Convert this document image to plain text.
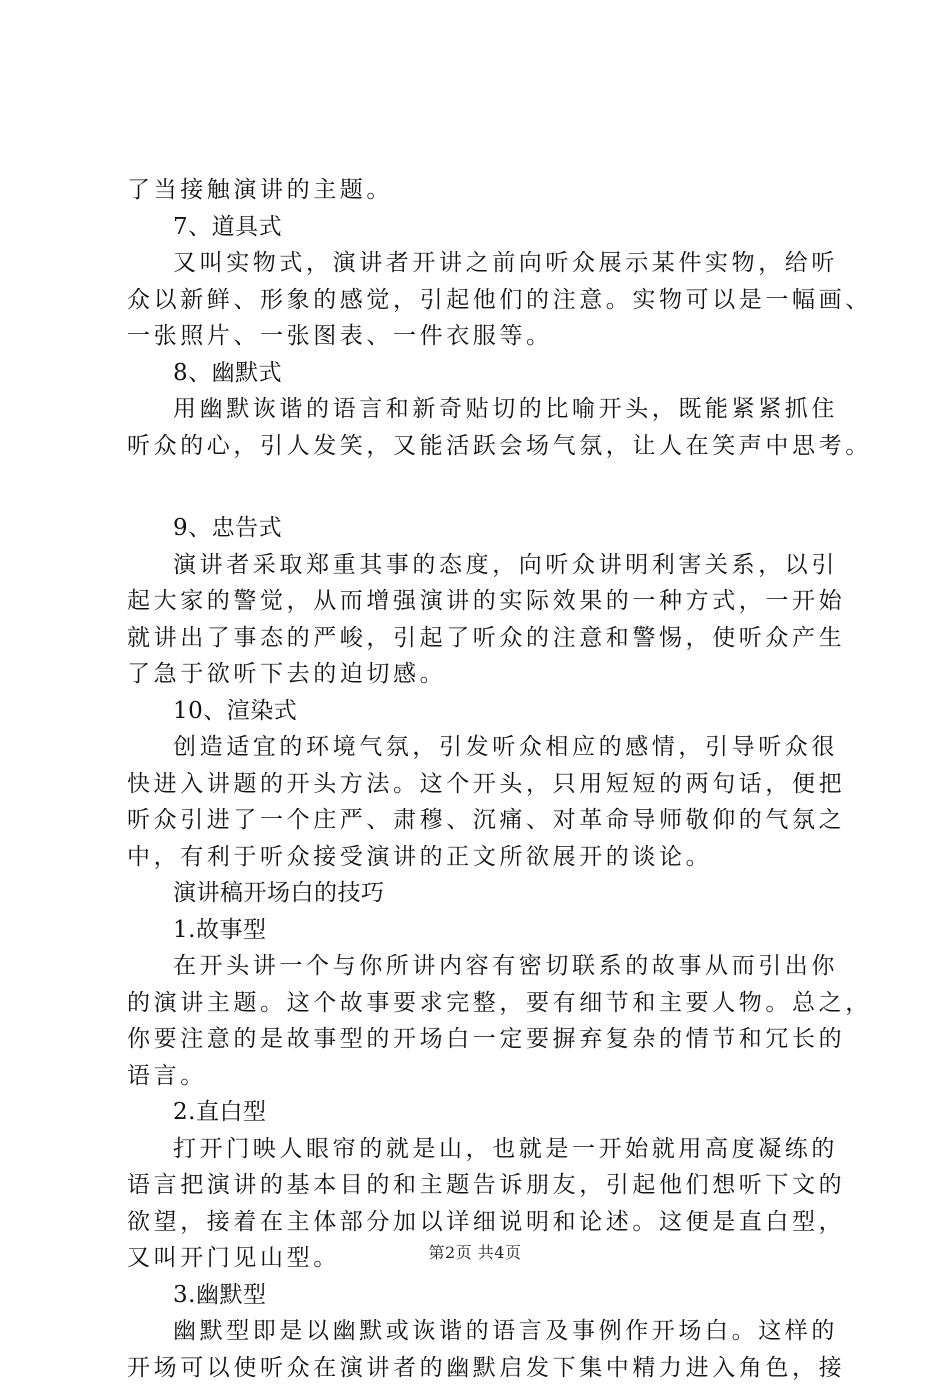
了当接触演讲的主题。
7、道具式
又叫实物式，演讲者开讲之前向听众展示某件实物，给听
众以新鲜、形象的感觉，引起他们的注意。实物可以是一幅画、
一张照片、一张图表、一件衣服等。
8、幽默式
用幽默诙谐的语言和新奇贴切的比喻开头，既能紧紧抓住
听众的心，引人发笑，又能活跃会场气氛，让人在笑声中思考。
9、忠告式
演讲者采取郑重其事的态度，向听众讲明利害关系，以引
起大家的警觉，从而增强演讲的实际效果的一种方式，一开始
就讲出了事态的严峻，引起了听众的注意和警惕，使听众产生
了急于欲听下去的迫切感。
10、渲染式
创造适宜的环境气氛，引发听众相应的感情，引导听众很
快进入讲题的开头方法。这个开头，只用短短的两句话，便把
听众引进了一个庄严、肃穆、沉痛、对革命导师敬仰的气氛之
中，有利于听众接受演讲的正文所欲展开的谈论。
演讲稿开场白的技巧
1.故事型
在开头讲一个与你所讲内容有密切联系的故事从而引出你
的演讲主题。这个故事要求完整，要有细节和主要人物。总之，
你要注意的是故事型的开场白一定要摒弃复杂的情节和冗长的
语言。
2.直白型
打开门映人眼帘的就是山，也就是一开始就用高度凝练的
语言把演讲的基本目的和主题告诉朋友，引起他们想听下文的
欲望，接着在主体部分加以详细说明和论述。这便是直白型，
又叫开门见山型。
3.幽默型
幽默型即是以幽默或诙谐的语言及事例作开场白。这样的
开场可以使听众在演讲者的幽默启发下集中精力进入角色，接
第2页 共4页
